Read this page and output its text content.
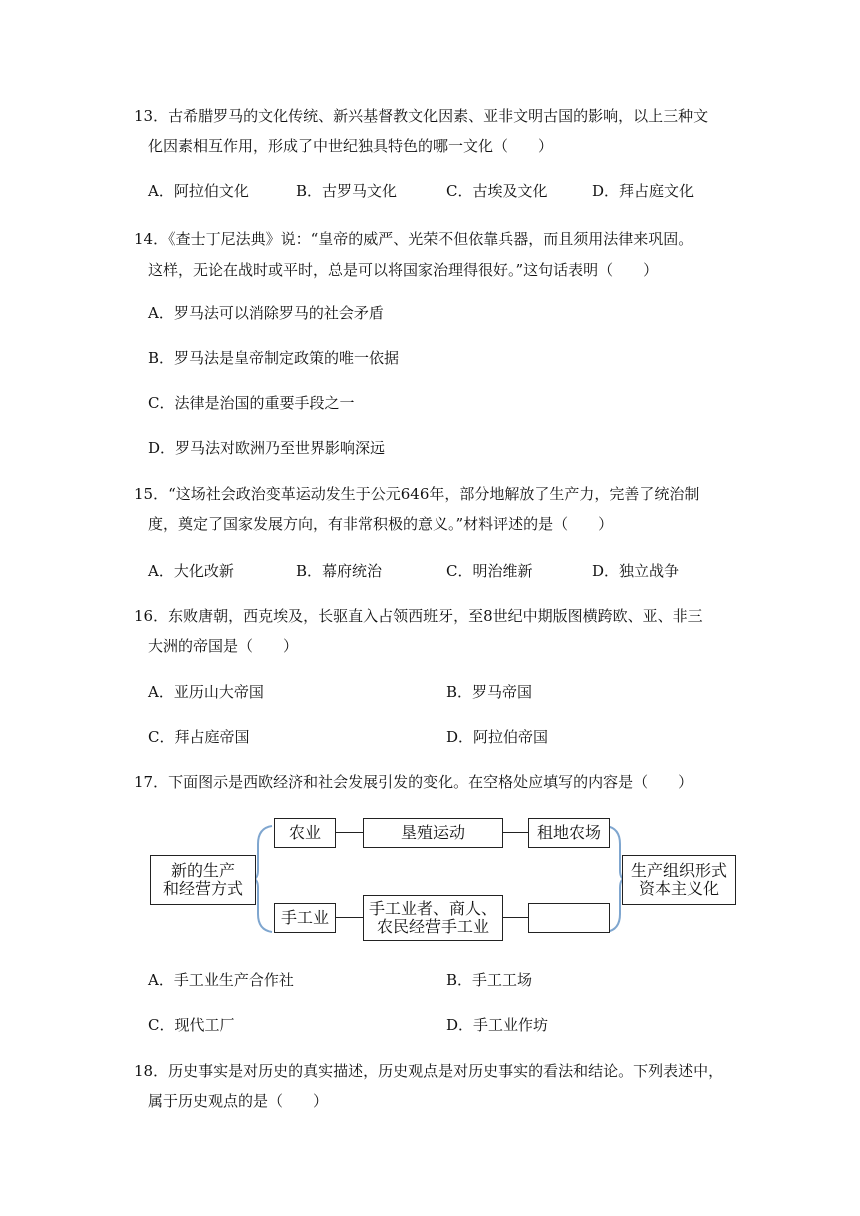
13．古希腊罗马的文化传统、新兴基督教文化因素、亚非文明古国的影响，以上三种文
化因素相互作用，形成了中世纪独具特色的哪一文化（　　）
A．阿拉伯文化	B．古罗马文化	C．古埃及文化	D．拜占庭文化
14．《查士丁尼法典》说：“皇帝的威严、光荣不但依靠兵器，而且须用法律来巩固。
这样，无论在战时或平时，总是可以将国家治理得很好。”这句话表明（　　）
A．罗马法可以消除罗马的社会矛盾
B．罗马法是皇帝制定政策的唯一依据
C．法律是治国的重要手段之一
D．罗马法对欧洲乃至世界影响深远
15．“这场社会政治变革运动发生于公元646年，部分地解放了生产力，完善了统治制
度，奠定了国家发展方向，有非常积极的意义。”材料评述的是（　　）
A．大化改新	B．幕府统治	C．明治维新	D．独立战争
16．东败唐朝，西克埃及，长驱直入占领西班牙，至8世纪中期版图横跨欧、亚、非三
大洲的帝国是（　　）
A．亚历山大帝国	B．罗马帝国
C．拜占庭帝国	D．阿拉伯帝国
17．下面图示是西欧经济和社会发展引发的变化。在空格处应填写的内容是（　　）
新的生产
和经营方式
农业	垦殖运动	租地农场
手工业	手工业者、商人、
农民经营手工业
生产组织形式
资本主义化
A．手工业生产合作社	B．手工工场
C．现代工厂	D．手工业作坊
18．历史事实是对历史的真实描述，历史观点是对历史事实的看法和结论。下列表述中，
属于历史观点的是（　　）
